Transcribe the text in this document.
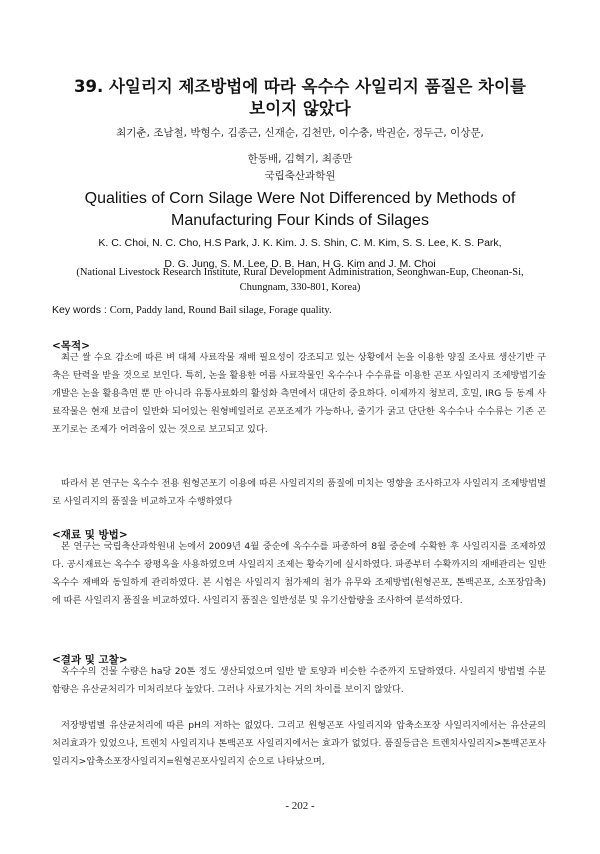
39. 사일리지 제조방법에 따라 옥수수 사일리지 품질은 차이를
보이지 않았다
최기춘, 조남철, 박형수, 김종근, 신재순, 김천만, 이수충, 박권순, 정두근, 이상문,
한동배, 김혁기, 최종만
국립축산과학원
Qualities of Corn Silage Were Not Differenced by Methods of
Manufacturing Four Kinds of Silages
K. C. Choi, N. C. Cho, H.S Park, J. K. Kim. J. S. Shin, C. M. Kim, S. S. Lee, K. S. Park,
D. G. Jung, S. M. Lee, D. B. Han, H G. Kim and J. M. Choi
(National Livestock Research Institute, Rural Development Administration, Seonghwan-Eup, Cheonan-Si,
Chungnam, 330-801, Korea)
Key words : Corn, Paddy land, Round Bail silage, Forage quality.
<목적>

최근 쌀 수요 감소에 따른 벼 대체 사료작물 재배 필요성이 강조되고 있는 상황에서 논을 이용한 양질 조사료 생산기반 구축은 탄력을 받을 것으로 보인다. 특히, 논을 활용한 여름 사료작물인 옥수수나 수수류를 이용한 곤포 사일리지 조제방법기술 개발은 논을 활용측면 뿐 만 아니라 유통사료화의 활성화 측면에서 대단히 중요하다. 이제까지 청보리, 호밀, IRG 등 동계 사료작물은 현재 보급이 일반화 되어있는 원형베일러로 곤포조제가 가능하나, 줄기가 굵고 단단한 옥수수나 수수류는 기존 곤포기로는 조제가 어려움이 있는 것으로 보고되고 있다.

따라서 본 연구는 옥수수 전용 원형곤포기 이용에 따른 사일리지의 품질에 미치는 영향을 조사하고자 사일리지 조제방법별로 사일리지의 품질을 비교하고자 수행하였다

<재료 및 방법>

본 연구는 국립축산과학원내 논에서 2009년 4월 중순에 옥수수를 파종하여 8월 중순에 수확한 후 사일리지를 조제하였다. 공시재료는 옥수수 광평옥을 사용하였으며 사일리지 조제는 황숙기에 실시하였다. 파종부터 수확까지의 재배관리는 일반 옥수수 재배와 동일하게 관리하였다. 본 시험은 사일리지 첨가제의 첨가 유무와 조제방법(원형곤포, 톤백곤포, 소포장압축)에 따른 사일리지 품질을 비교하였다. 사일리지 품질은 일반성분 및 유기산함량을 조사하여 분석하였다.

<결과 및 고찰>

옥수수의 건물 수량은 ha당 20톤 정도 생산되었으며 일반 밭 토양과 비슷한 수준까지 도달하였다. 사일리지 방법별 수분함량은 유산균처리가 미처리보다 높았다. 그러나 사료가치는 거의 차이를 보이지 않았다.

저장방법별 유산균처리에 따른 pH의 저하는 없었다. 그리고 원형곤포 사일리지와 압축소포장 사일리지에서는 유산균의 처리효과가 있었으나, 트렌치 사일리지나 톤백곤포 사일리지에서는 효과가 없었다. 품질등급은 트렌치사일리지>톤백곤포사일리지>압축소포장사일리지=원형곤포사일리지 순으로 나타났으며,

- 202 -
